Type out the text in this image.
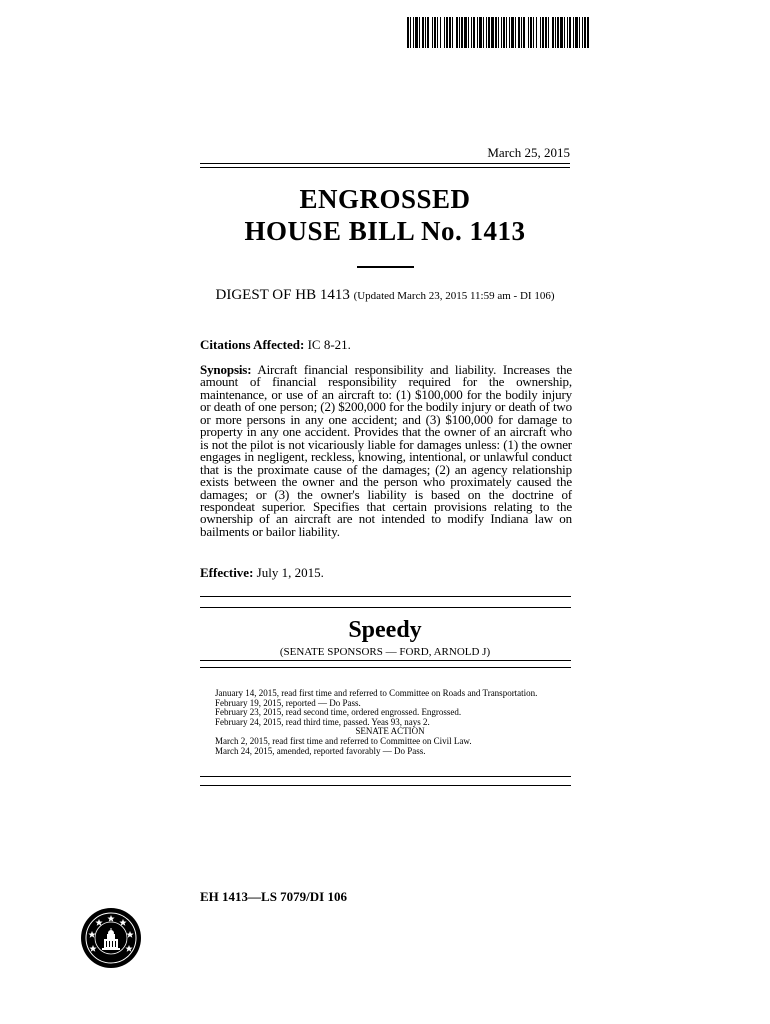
March 25, 2015
ENGROSSED
HOUSE BILL No. 1413
DIGEST OF HB 1413 (Updated March 23, 2015 11:59 am - DI 106)
Citations Affected: IC 8-21.
Synopsis: Aircraft financial responsibility and liability. Increases the amount of financial responsibility required for the ownership, maintenance, or use of an aircraft to: (1) $100,000 for the bodily injury or death of one person; (2) $200,000 for the bodily injury or death of two or more persons in any one accident; and (3) $100,000 for damage to property in any one accident. Provides that the owner of an aircraft who is not the pilot is not vicariously liable for damages unless: (1) the owner engages in negligent, reckless, knowing, intentional, or unlawful conduct that is the proximate cause of the damages; (2) an agency relationship exists between the owner and the person who proximately caused the damages; or (3) the owner's liability is based on the doctrine of respondeat superior. Specifies that certain provisions relating to the ownership of an aircraft are not intended to modify Indiana law on bailments or bailor liability.
Effective: July 1, 2015.
Speedy
(SENATE SPONSORS — FORD, ARNOLD J)
January 14, 2015, read first time and referred to Committee on Roads and Transportation.
February 19, 2015, reported — Do Pass.
February 23, 2015, read second time, ordered engrossed. Engrossed.
February 24, 2015, read third time, passed. Yeas 93, nays 2.
SENATE ACTION
March 2, 2015, read first time and referred to Committee on Civil Law.
March 24, 2015, amended, reported favorably — Do Pass.
EH 1413—LS 7079/DI 106
